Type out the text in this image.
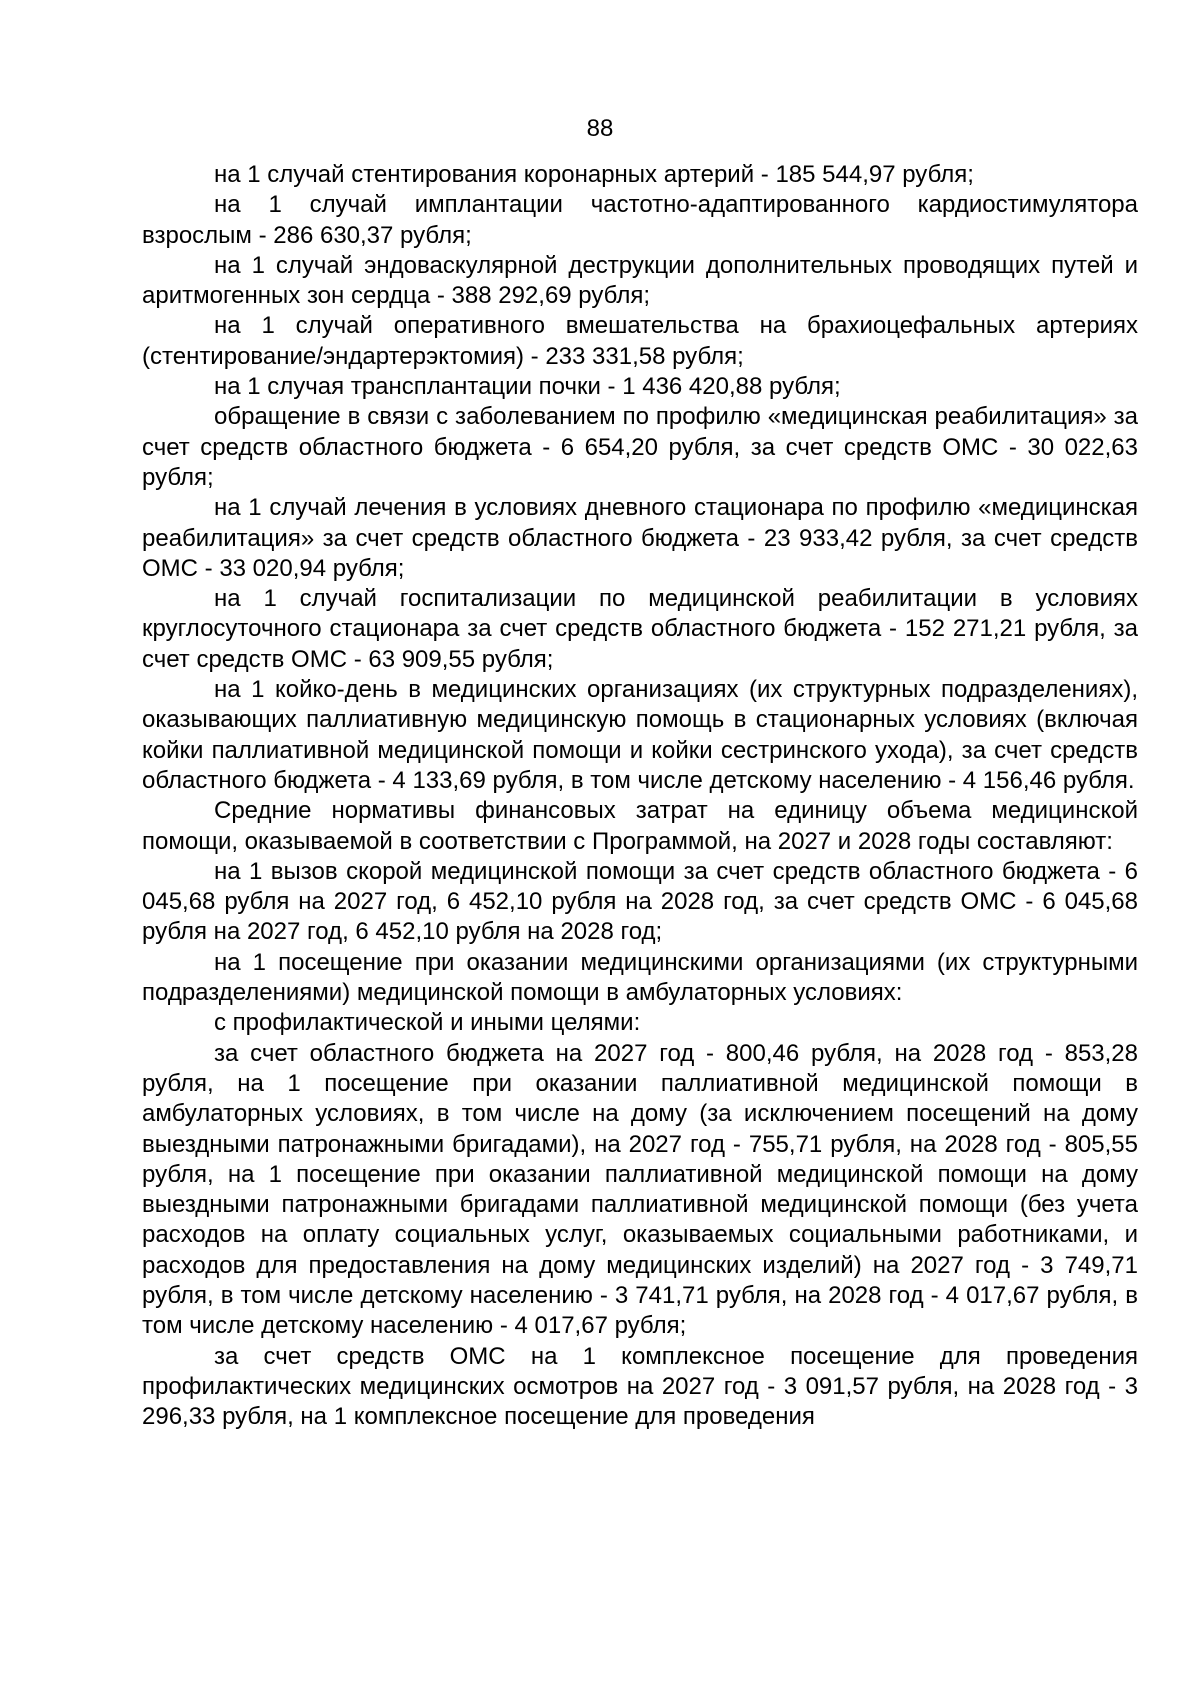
88

на 1 случай стентирования коронарных артерий - 185 544,97 рубля;

на 1 случай имплантации частотно-адаптированного кардиостимулятора взрослым - 286 630,37 рубля;

на 1 случай эндоваскулярной деструкции дополнительных проводящих путей и аритмогенных зон сердца - 388 292,69 рубля;

на 1 случай оперативного вмешательства на брахиоцефальных артериях (стентирование/эндартерэктомия) - 233 331,58 рубля;

на 1 случая трансплантации почки - 1 436 420,88 рубля;

обращение в связи с заболеванием по профилю «медицинская реабилитация» за счет средств областного бюджета - 6 654,20 рубля, за счет средств ОМС - 30 022,63 рубля;

на 1 случай лечения в условиях дневного стационара по профилю «медицинская реабилитация» за счет средств областного бюджета - 23 933,42 рубля, за счет средств ОМС - 33 020,94 рубля;

на 1 случай госпитализации по медицинской реабилитации в условиях круглосуточного стационара за счет средств областного бюджета - 152 271,21 рубля, за счет средств ОМС - 63 909,55 рубля;

на 1 койко-день в медицинских организациях (их структурных подразделениях), оказывающих паллиативную медицинскую помощь в стационарных условиях (включая койки паллиативной медицинской помощи и койки сестринского ухода), за счет средств областного бюджета - 4 133,69 рубля, в том числе детскому населению - 4 156,46 рубля.

Средние нормативы финансовых затрат на единицу объема медицинской помощи, оказываемой в соответствии с Программой, на 2027 и 2028 годы составляют:

на 1 вызов скорой медицинской помощи за счет средств областного бюджета - 6 045,68 рубля на 2027 год, 6 452,10 рубля на 2028 год, за счет средств ОМС - 6 045,68 рубля на 2027 год, 6 452,10 рубля на 2028 год;

на 1 посещение при оказании медицинскими организациями (их структурными подразделениями) медицинской помощи в амбулаторных условиях:

с профилактической и иными целями:

за счет областного бюджета на 2027 год - 800,46 рубля, на 2028 год - 853,28 рубля, на 1 посещение при оказании паллиативной медицинской помощи в амбулаторных условиях, в том числе на дому (за исключением посещений на дому выездными патронажными бригадами), на 2027 год - 755,71 рубля, на 2028 год - 805,55 рубля, на 1 посещение при оказании паллиативной медицинской помощи на дому выездными патронажными бригадами паллиативной медицинской помощи (без учета расходов на оплату социальных услуг, оказываемых социальными работниками, и расходов для предоставления на дому медицинских изделий) на 2027 год - 3 749,71 рубля, в том числе детскому населению - 3 741,71 рубля, на 2028 год - 4 017,67 рубля, в том числе детскому населению - 4 017,67 рубля;

за счет средств ОМС на 1 комплексное посещение для проведения профилактических медицинских осмотров на 2027 год - 3 091,57 рубля, на 2028 год - 3 296,33 рубля, на 1 комплексное посещение для проведения
